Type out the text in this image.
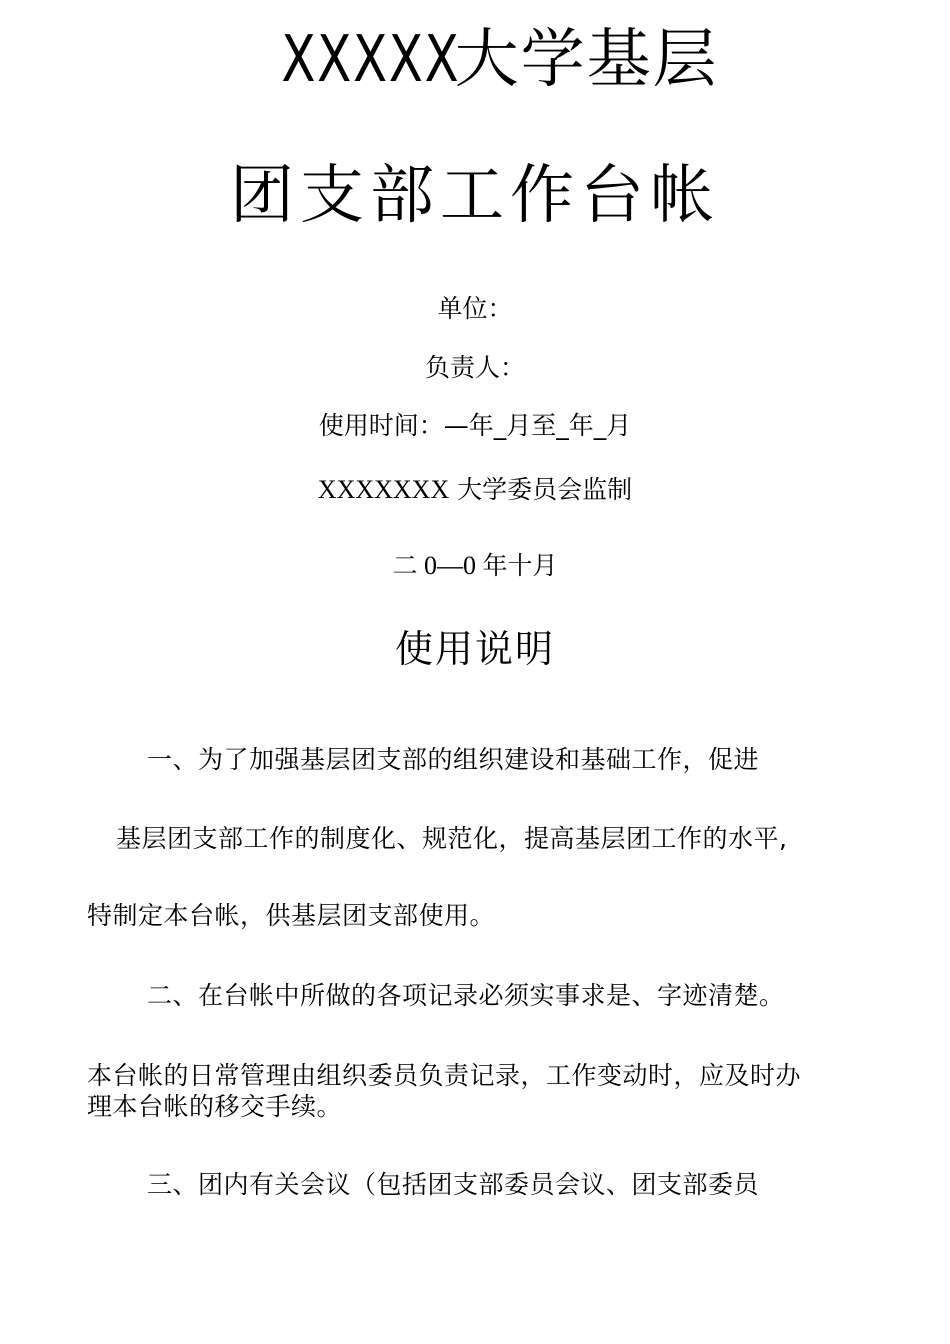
XXXXX大学基层
团支部工作台帐
单位：
负责人：
使用时间：—年_月至_年_月
XXXXXXX 大学委员会监制
二 0—0 年十月
使用说明
一、为了加强基层团支部的组织建设和基础工作，促进
基层团支部工作的制度化、规范化，提高基层团工作的水平,
特制定本台帐，供基层团支部使用。
二、在台帐中所做的各项记录必须实事求是、字迹清楚。
本台帐的日常管理由组织委员负责记录，工作变动时，应及时办
理本台帐的移交手续。
三、团内有关会议（包括团支部委员会议、团支部委员
